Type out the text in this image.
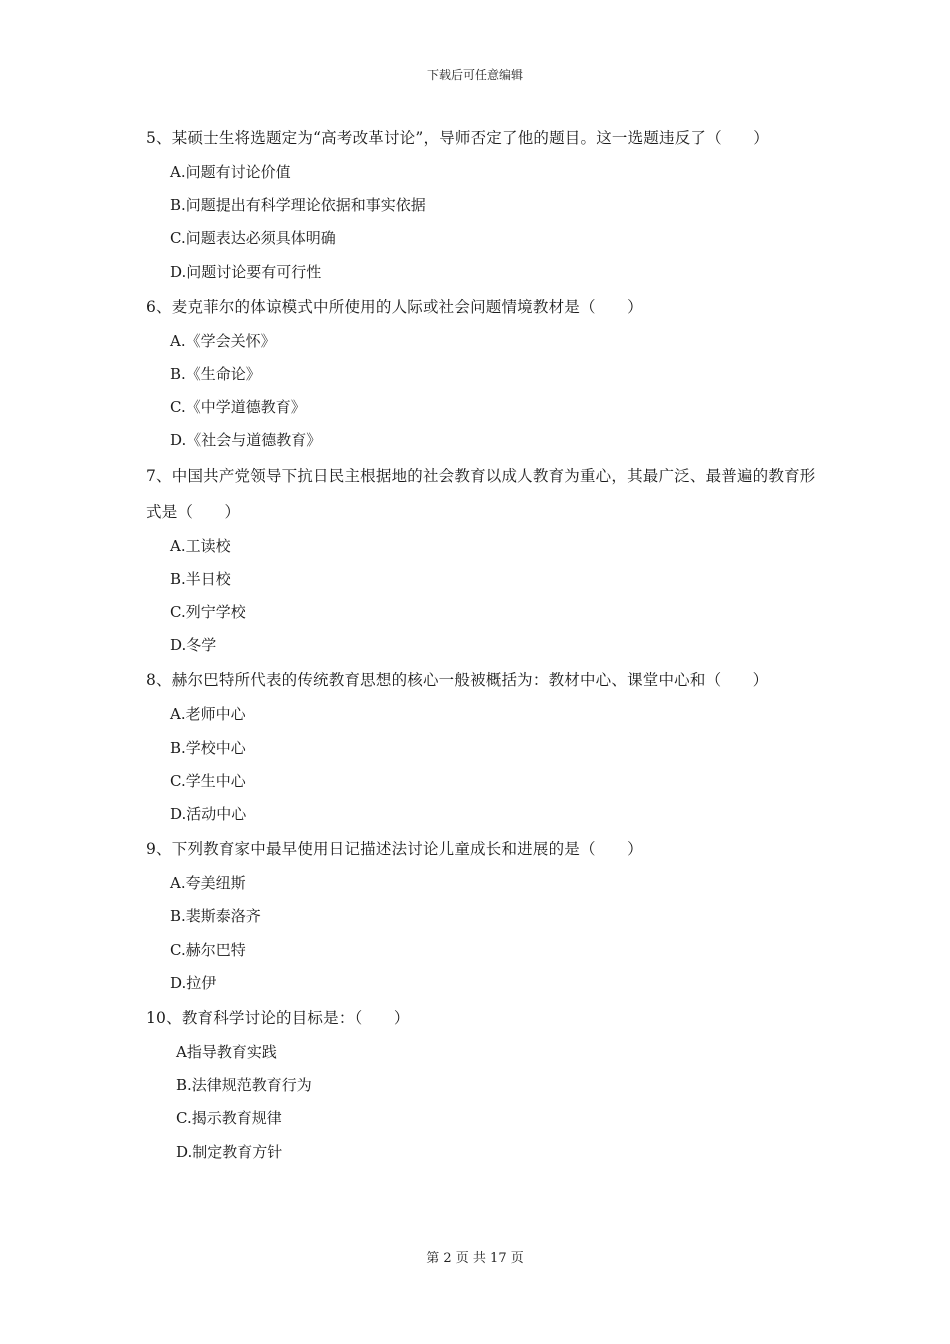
下载后可任意编辑

5、某硕士生将选题定为“高考改革讨论”，导师否定了他的题目。这一选题违反了（　　）

A.问题有讨论价值

B.问题提出有科学理论依据和事实依据

C.问题表达必须具体明确

D.问题讨论要有可行性

6、麦克菲尔的体谅模式中所使用的人际或社会问题情境教材是（　　）

A.《学会关怀》

B.《生命论》

C.《中学道德教育》

D.《社会与道德教育》

7、中国共产党领导下抗日民主根据地的社会教育以成人教育为重心，其最广泛、最普遍的教育形式是（　　）

A.工读校

B.半日校

C.列宁学校

D.冬学

8、赫尔巴特所代表的传统教育思想的核心一般被概括为：教材中心、课堂中心和（　　）

A.老师中心

B.学校中心

C.学生中心

D.活动中心

9、下列教育家中最早使用日记描述法讨论儿童成长和进展的是（　　）

A.夸美纽斯

B.裴斯泰洛齐

C.赫尔巴特

D.拉伊

10、教育科学讨论的目标是：（　　）

A指导教育实践

B.法律规范教育行为

C.揭示教育规律

D.制定教育方针

第 2 页 共 17 页
